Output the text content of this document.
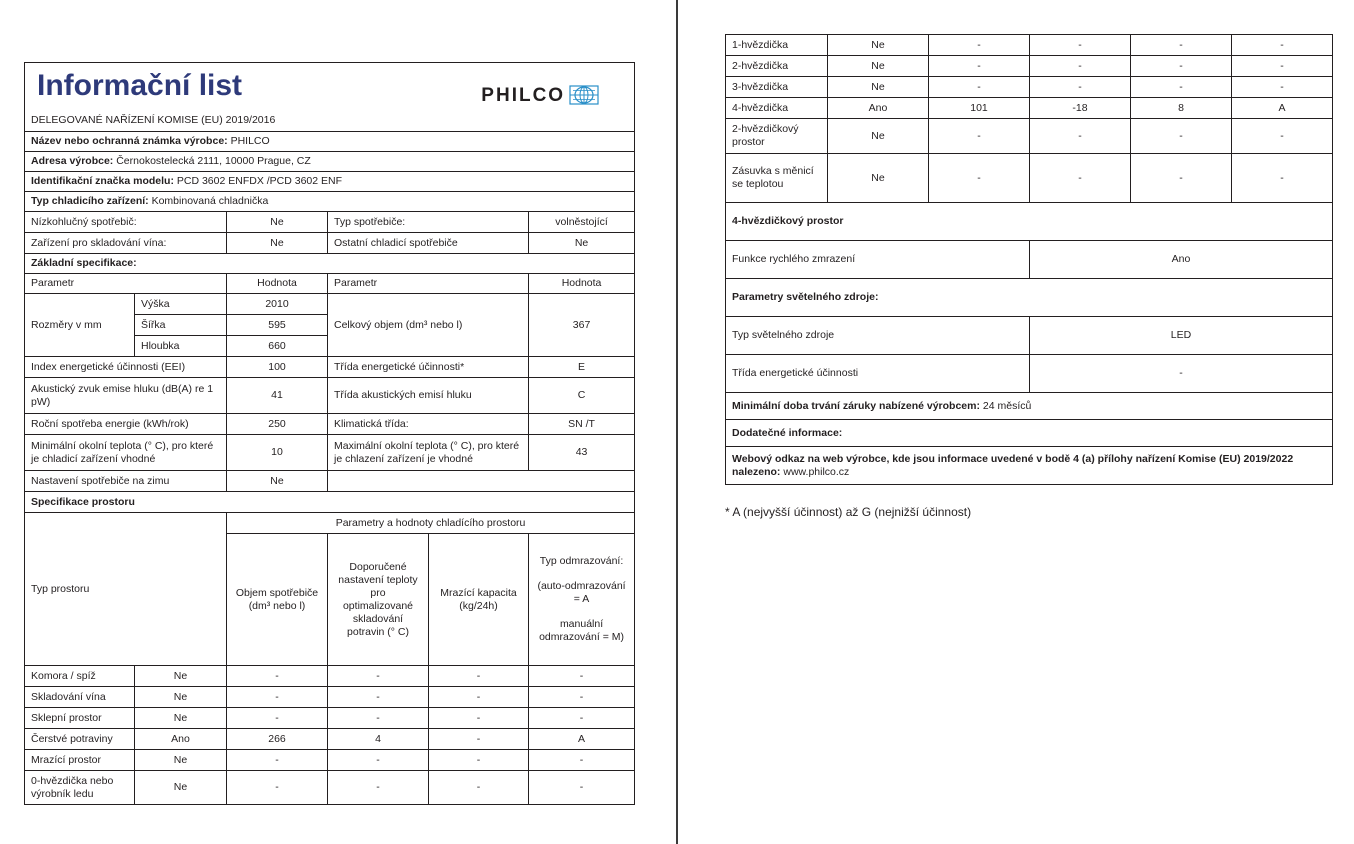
Informační list PHILCO					

DELEGOVANÉ NAŘÍZENÍ KOMISE (EU) 2019/2016					
Název nebo ochranná známka výrobce: PHILCO					
Adresa výrobce: Černokostelecká 2111, 10000 Prague, CZ					
Identifikační značka modelu: PCD 3602 ENFDX /PCD 3602 ENF					
Typ chladicího zařízení: Kombinovaná chladnička					
Nízkohlučný spotřebič:		Ne	Typ spotřebiče:		volněstojící
Zařízení pro skladování vína:		Ne	Ostatní chladicí spotřebiče		Ne
Základní specifikace:					
Parametr		Hodnota	Parametr		Hodnota
Rozměry v mm	Výška	2010	Celkový objem (dm³ nebo l)		367
	Šířka	595			
	Hloubka	660			
Index energetické účinnosti (EEI)		100	Třída energetické účinnosti*		E
Akustický zvuk emise hluku (dB(A) re 1 pW)		41	Třída akustických emisí hluku		C
Roční spotřeba energie (kWh/rok)		250	Klimatická třída:		SN /T
Minimální okolní teplota (° C), pro které je chladicí zařízení vhodné		10	Maximální okolní teplota (° C), pro které je chlazení zařízení je vhodné		43
Nastavení spotřebiče na zimu		Ne			
Specifikace prostoru					
Typ prostoru		Parametry a hodnoty chladícího prostoru			
		Objem spotřebiče (dm³ nebo l)	Doporučené nastavení teploty pro optimalizované skladování potravin (° C)	Mrazící kapacita (kg/24h)	Typ odmrazování:
(auto-odmrazování = A
manuální odmrazování = M)

Komora / spíž	Ne	-	-	-	-
Skladování vína	Ne	-	-	-	-
Sklepní prostor	Ne	-	-	-	-
Čerstvé potraviny	Ano	266	4	-	A
Mrazící prostor	Ne	-	-	-	-
0-hvězdička nebo výrobník ledu	Ne	-	-	-	-
1-hvězdička	Ne	-	-	-	-
2-hvězdička	Ne	-	-	-	-
3-hvězdička	Ne	-	-	-	-
4-hvězdička	Ano	101	-18	8	A
2-hvězdičkový prostor	Ne	-	-	-	-
Zásuvka s měnicí se teplotou	Ne	-	-	-	-
4-hvězdičkový prostor					
Funkce rychlého zmrazení			Ano		
Parametry světelného zdroje:					
Typ světelného zdroje			LED		
Třída energetické účinnosti			-		
Minimální doba trvání záruky nabízené výrobcem: 24 měsíců					
Dodatečné informace:					
Webový odkaz na web výrobce, kde jsou informace uvedené v bodě 4 (a) přílohy nařízení Komise (EU) 2019/2022 nalezeno: www.philco.cz					
* A (nejvyšší účinnost) až G (nejnižší účinnost)
